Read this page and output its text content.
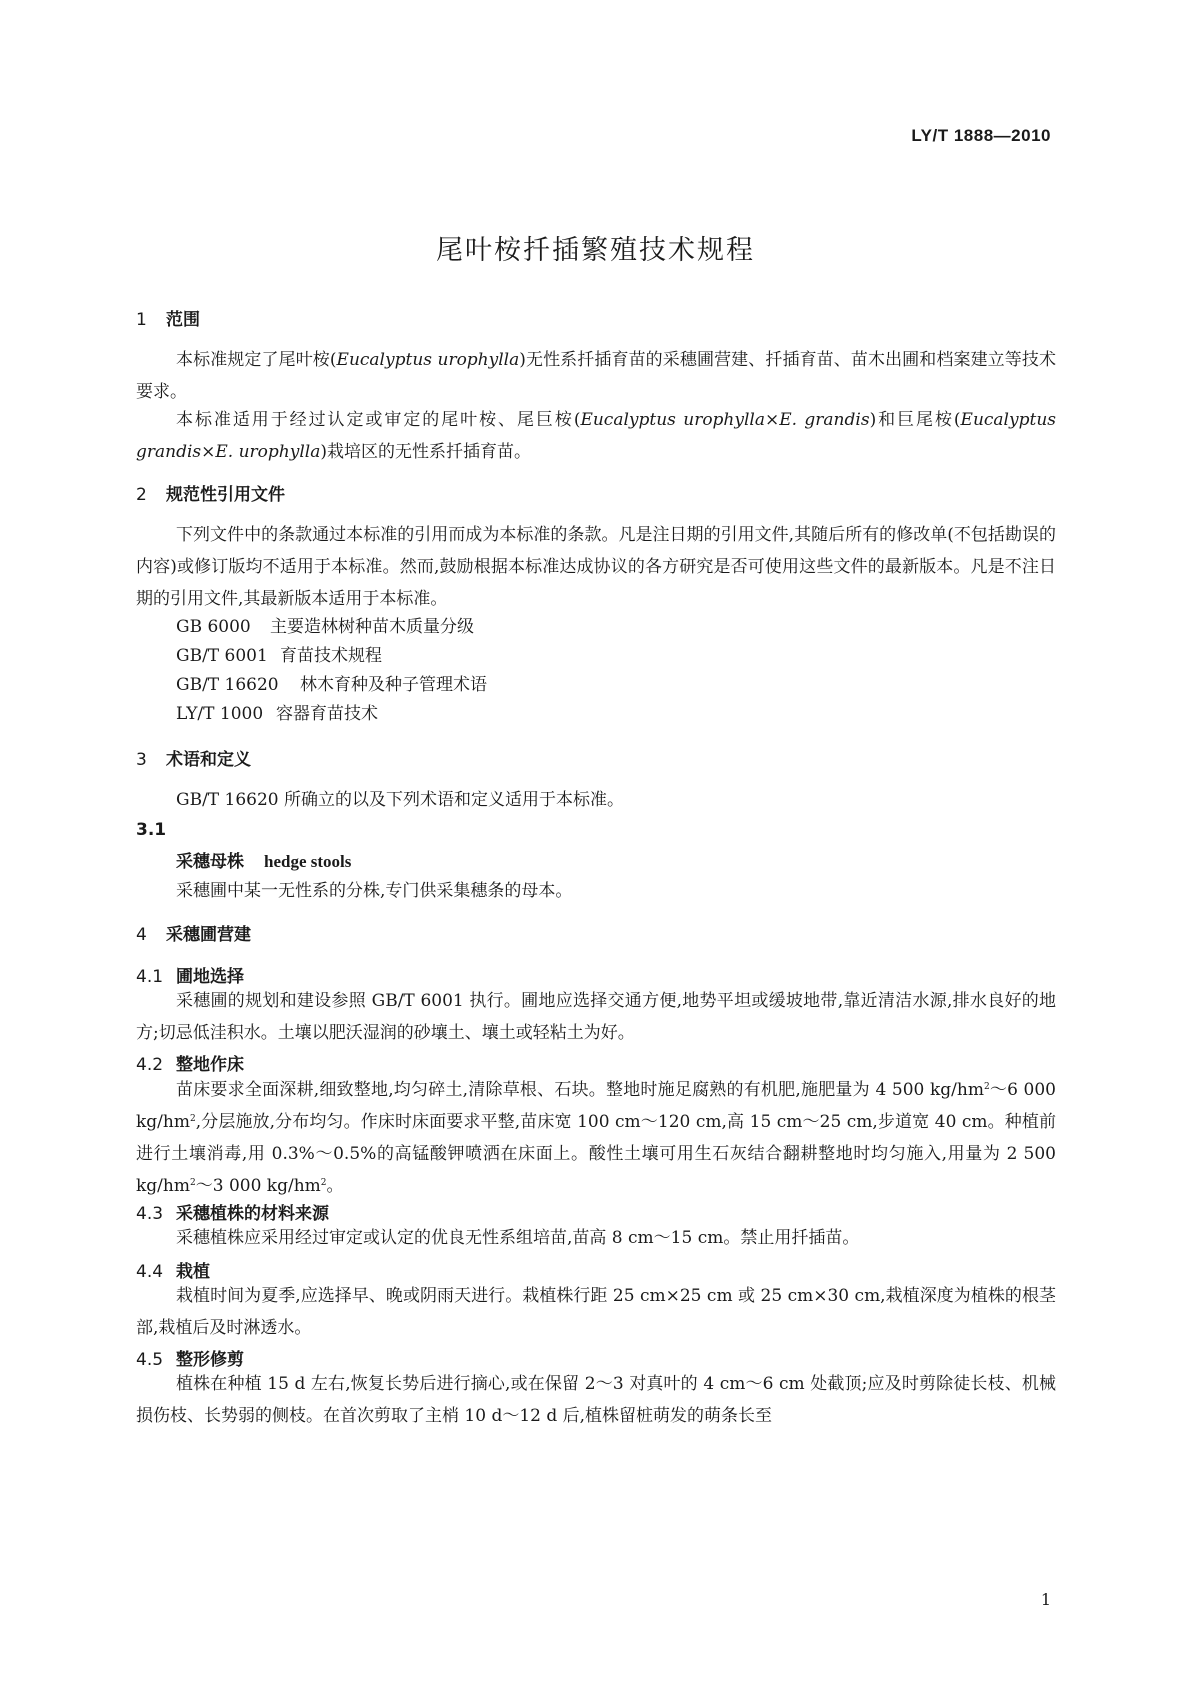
LY/T 1888—2010
尾叶桉扦插繁殖技术规程
1 范围
本标准规定了尾叶桉(Eucalyptus urophylla)无性系扦插育苗的采穗圃营建、扦插育苗、苗木出圃和档案建立等技术要求。
本标准适用于经过认定或审定的尾叶桉、尾巨桉(Eucalyptus urophylla×E. grandis)和巨尾桉(Eucalyptus grandis×E. urophylla)栽培区的无性系扦插育苗。
2 规范性引用文件
下列文件中的条款通过本标准的引用而成为本标准的条款。凡是注日期的引用文件,其随后所有的修改单(不包括勘误的内容)或修订版均不适用于本标准。然而,鼓励根据本标准达成协议的各方研究是否可使用这些文件的最新版本。凡是不注日期的引用文件,其最新版本适用于本标准。
GB 6000 主要造林树种苗木质量分级
GB/T 6001 育苗技术规程
GB/T 16620 林木育种及种子管理术语
LY/T 1000 容器育苗技术
3 术语和定义
GB/T 16620 所确立的以及下列术语和定义适用于本标准。
3.1
采穗母株 hedge stools
采穗圃中某一无性系的分株,专门供采集穗条的母本。
4 采穗圃营建
4.1 圃地选择
采穗圃的规划和建设参照 GB/T 6001 执行。圃地应选择交通方便,地势平坦或缓坡地带,靠近清洁水源,排水良好的地方;切忌低洼积水。土壤以肥沃湿润的砂壤土、壤土或轻粘土为好。
4.2 整地作床
苗床要求全面深耕,细致整地,均匀碎土,清除草根、石块。整地时施足腐熟的有机肥,施肥量为 4 500 $kg/hm^2\sim 6$ 000 $kg/hm^2$,分层施放,分布均匀。作床时床面要求平整,苗床宽 100 cm～120 cm,高 15 cm～25 cm,步道宽 40 cm。种植前进行土壤消毒,用 0.3%～0.5%的高锰酸钾喷洒在床面上。酸性土壤可用生石灰结合翻耕整地时均匀施入,用量为 2 500 $kg/hm^2\sim 3$ 000 $kg/hm^2$。
4.3 采穗植株的材料来源
采穗植株应采用经过审定或认定的优良无性系组培苗,苗高 8 cm～15 cm。禁止用扦插苗。
4.4 栽植
栽植时间为夏季,应选择早、晚或阴雨天进行。栽植株行距 25 cm×25 cm 或 25 cm×30 cm,栽植深度为植株的根茎部,栽植后及时淋透水。
4.5 整形修剪
植株在种植 15 d 左右,恢复长势后进行摘心,或在保留 2～3 对真叶的 4 cm～6 cm 处截顶;应及时剪除徒长枝、机械损伤枝、长势弱的侧枝。在首次剪取了主梢 10 d～12 d 后,植株留桩萌发的萌条长至
1
